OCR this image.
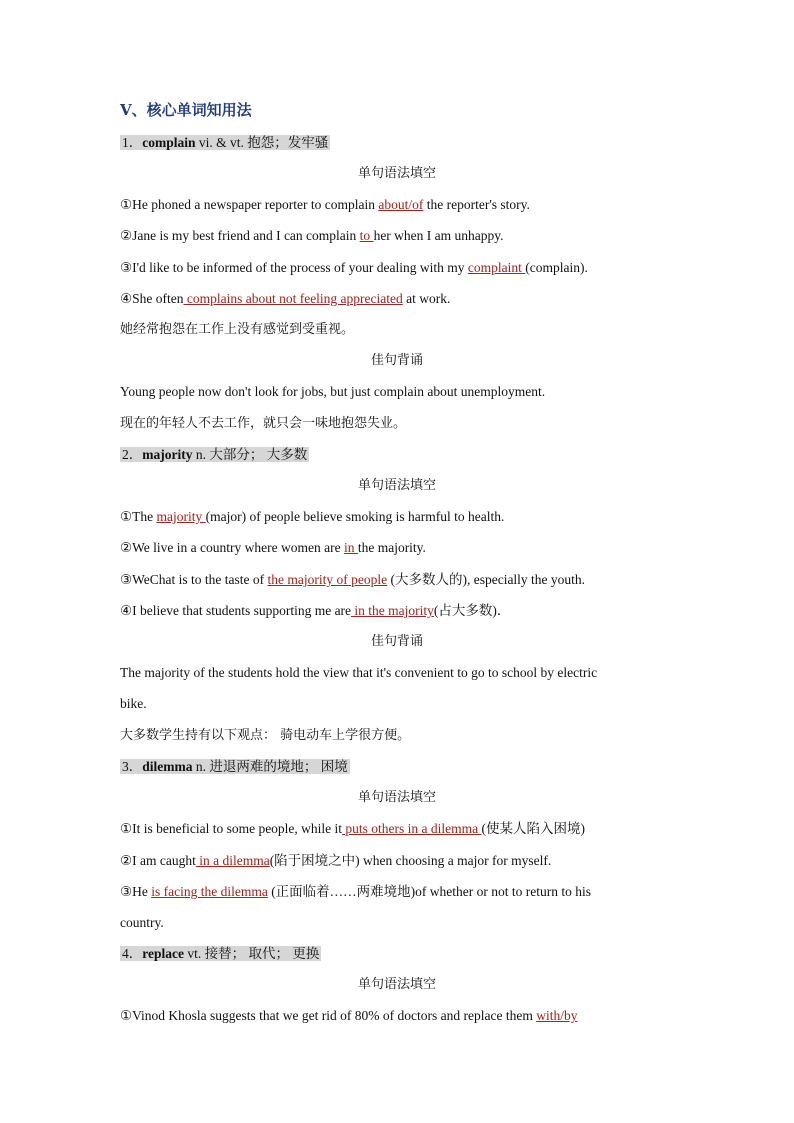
Ⅴ、核心单词知用法
1．complain vi. & vt. 抱怨；发牢骚
单句语法填空
①He phoned a newspaper reporter to complain about/of the reporter's story.
②Jane is my best friend and I can complain to her when I am unhappy.
③I'd like to be informed of the process of your dealing with my complaint (complain).
④She often complains about not feeling appreciated at work.
她经常抱怨在工作上没有感觉到受重视。
佳句背诵
Young people now don't look for jobs, but just complain about unemployment.
现在的年轻人不去工作，就只会一味地抱怨失业。
2．majority n. 大部分； 大多数
单句语法填空
①The majority (major) of people believe smoking is harmful to health.
②We live in a country where women are in the majority.
③WeChat is to the taste of the majority of people (大多数人的), especially the youth.
④I believe that students supporting me are in the majority(占大多数)．
佳句背诵
The majority of the students hold the view that it's convenient to go to school by electric
bike.
大多数学生持有以下观点： 骑电动车上学很方便。
3．dilemma n. 进退两难的境地； 困境
单句语法填空
①It is beneficial to some people, while it puts others in a dilemma (使某人陷入困境)
②I am caught in a dilemma(陷于困境之中) when choosing a major for myself.
③He is facing the dilemma (正面临着……两难境地)of whether or not to return to his
country.
4．replace vt. 接替； 取代； 更换
单句语法填空
①Vinod Khosla suggests that we get rid of 80% of doctors and replace them with/by
